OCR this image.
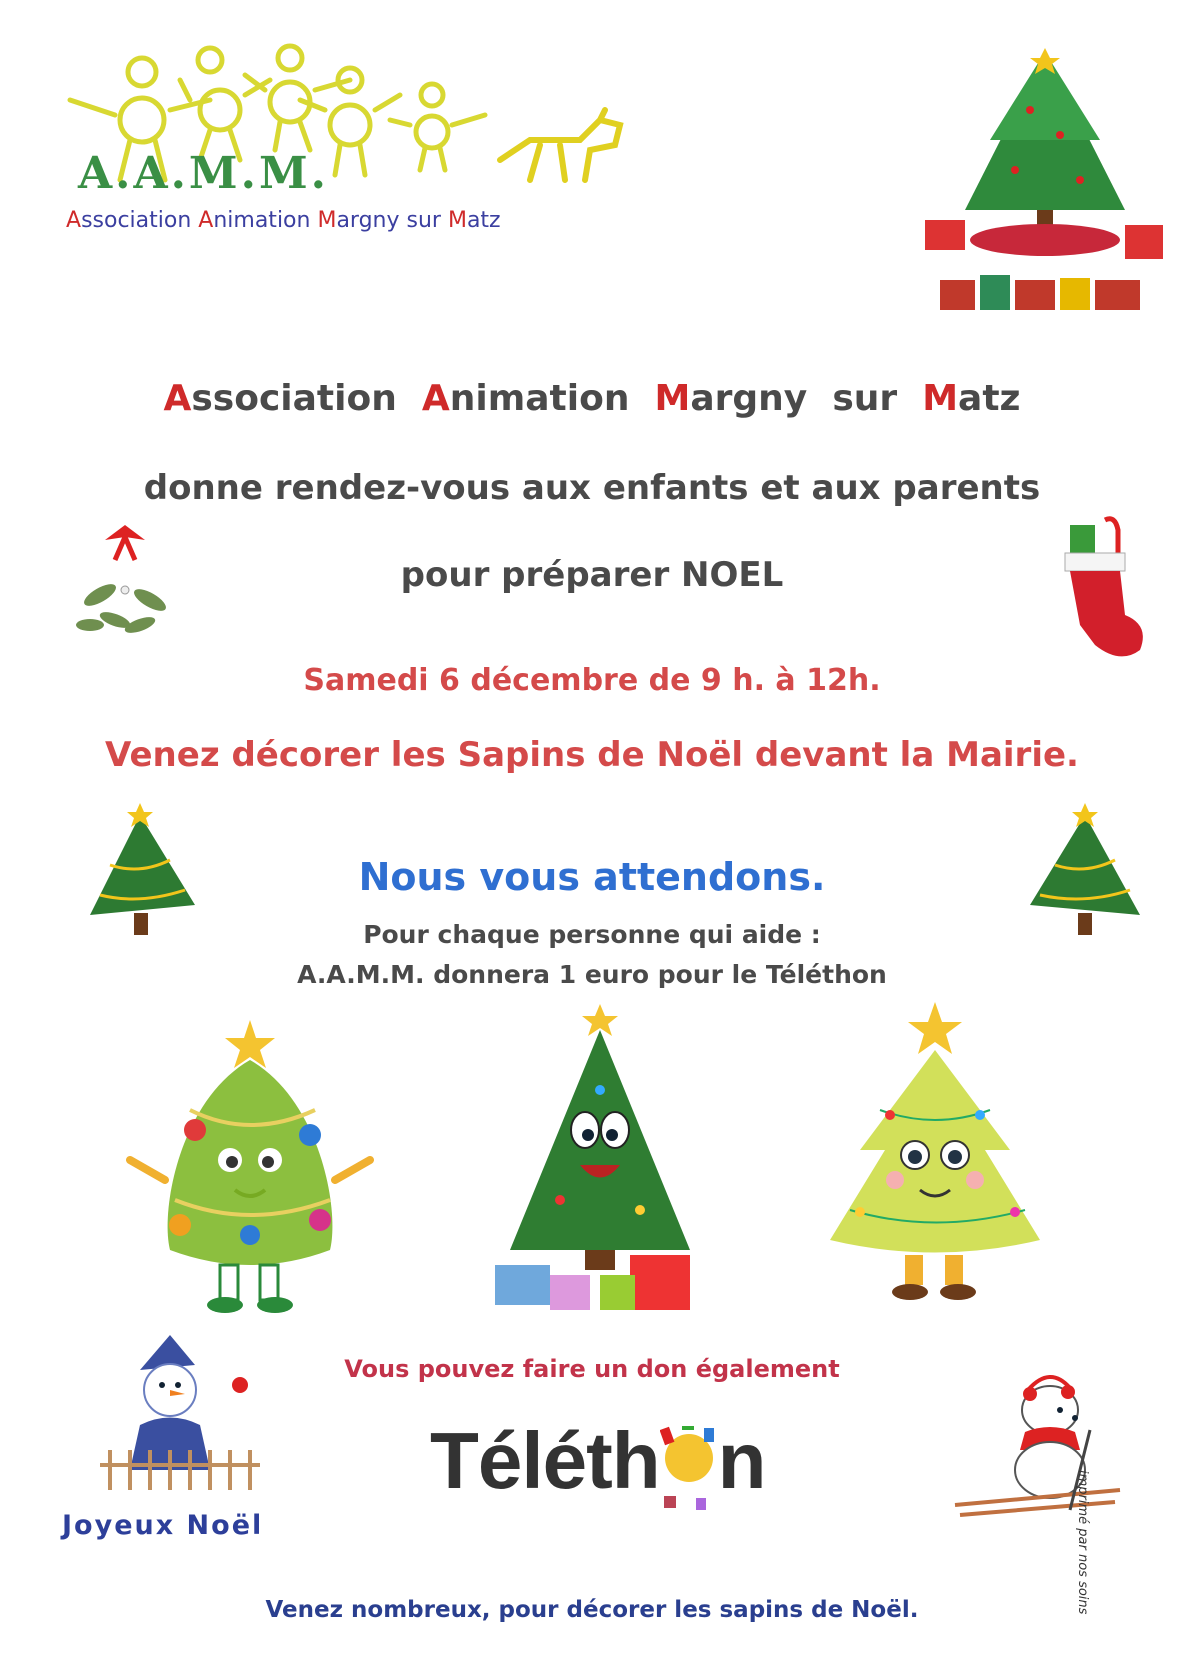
A.A.M.M.
Association Animation Margny sur Matz
Association  Animation  Margny  sur  Matz
donne rendez-vous aux enfants et aux parents
pour préparer NOEL
Samedi 6 décembre de 9 h. à 12h.
Venez décorer les Sapins de Noël devant la Mairie.
Nous vous attendons.
Pour chaque personne qui aide :
A.A.M.M. donnera 1 euro pour le Téléthon
Vous pouvez faire un don également
Téléth n
Joyeux Noël	imprimé par nos soins
Venez nombreux, pour décorer les sapins de Noël.
